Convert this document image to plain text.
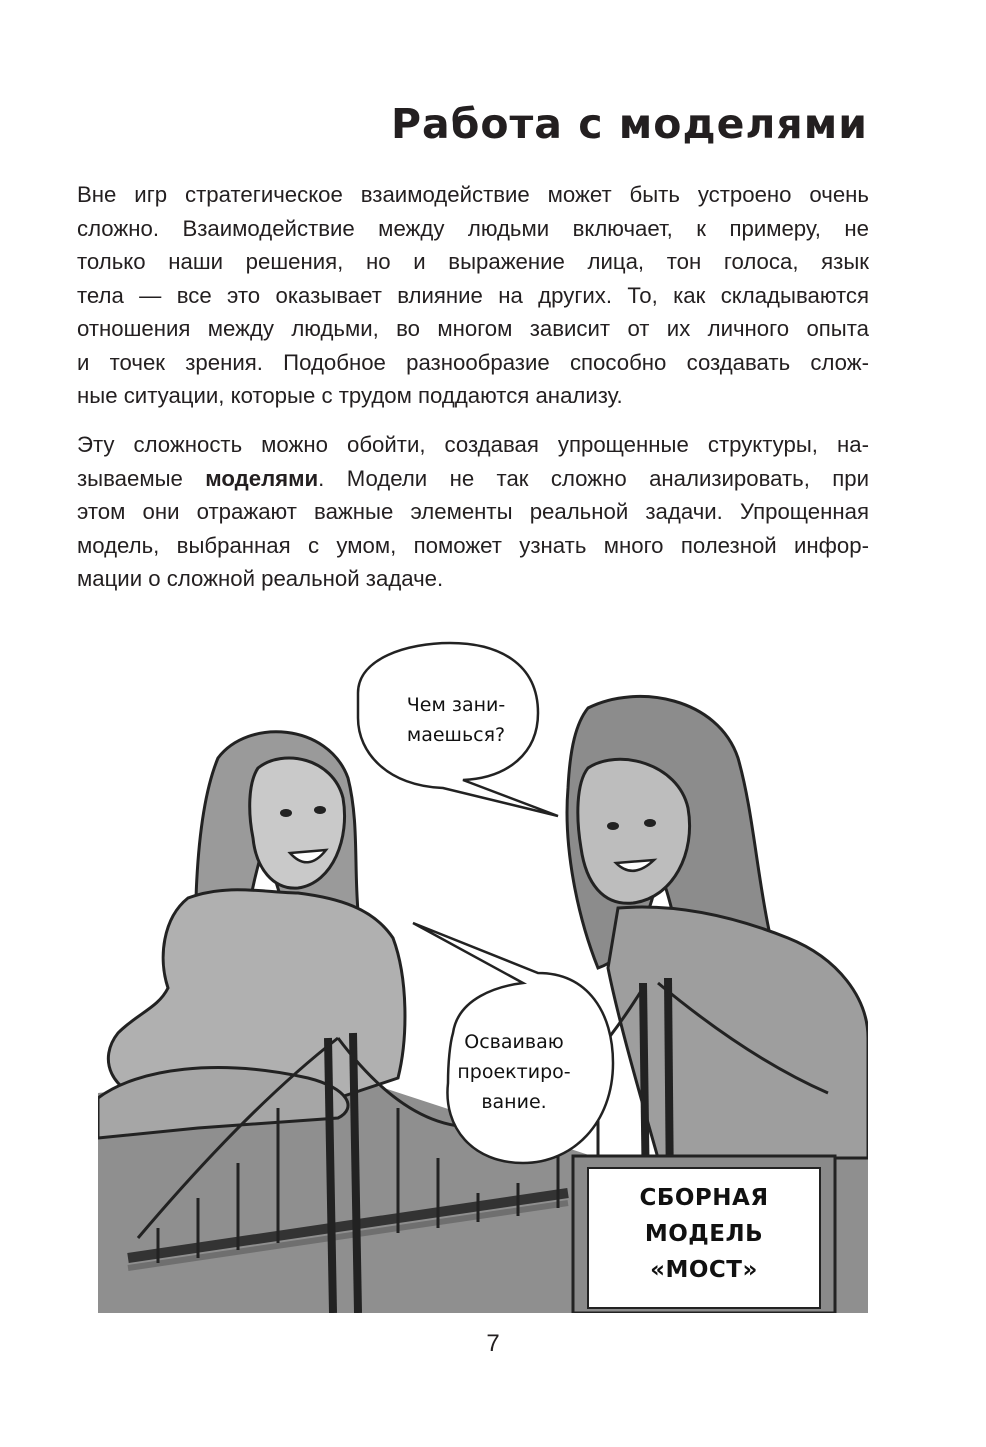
Работа с моделями

Вне игр стратегическое взаимодействие может быть устроено очень
сложно. Взаимодействие между людьми включает, к примеру, не
только наши решения, но и выражение лица, тон голоса, язык
тела — все это оказывает влияние на других. То, как складываются
отношения между людьми, во многом зависит от их личного опыта
и точек зрения. Подобное разнообразие способно создавать слож-
ные ситуации, которые с трудом поддаются анализу.

Эту сложность можно обойти, создавая упрощенные структуры, на-
зываемые моделями. Модели не так сложно анализировать, при
этом они отражают важные элементы реальной задачи. Упрощенная
модель, выбранная с умом, поможет узнать много полезной инфор-
мации о сложной реальной задаче.

Чем зани-
маешься?
Осваиваю
проектиро-
вание.
СБОРНАЯ
МОДЕЛЬ
«МОСТ»
7
